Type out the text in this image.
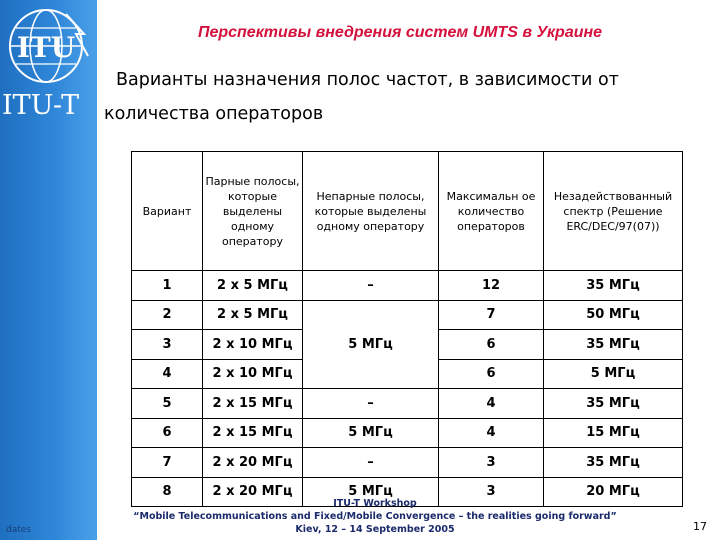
ITU
ITU-T
dates
Перспективы внедрения систем UMTS в Украине
Варианты назначения полос частот, в зависимости от
количества операторов
Вариант	Парные полосы, которые выделены одному оператору	Непарные полосы, которые выделены одному оператору	Максимальн ое количество операторов	Незадействованный спектр (Решение ERC/DEC/97(07))
1	2 x 5 МГц	–	12	35 МГц
2	2 x 5 МГц	5 МГц	7	50 МГц
3	2 x 10 МГц		6	35 МГц
4	2 x 10 МГц		6	5 МГц
5	2 x 15 МГц	–	4	35 МГц
6	2 x 15 МГц	5 МГц	4	15 МГц
7	2 x 20 МГц	–	3	35 МГц
8	2 x 20 МГц	5 МГц	3	20 МГц
ITU-T Workshop
“Mobile Telecommunications and Fixed/Mobile Convergence – the realities going forward”
Kiev, 12 – 14 September 2005	17
